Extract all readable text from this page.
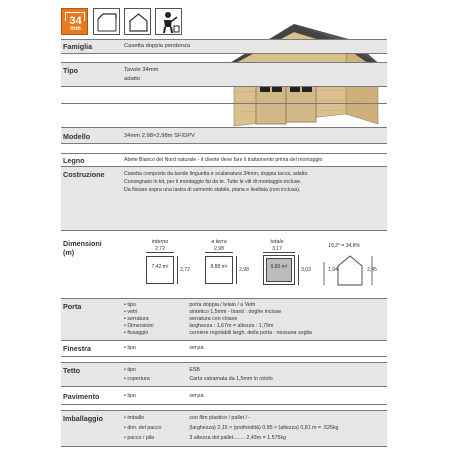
34
mm
Famiglia	Casetta doppia pendenza
Tipo	Tavole 34mm
adatto
Modello	34mm 2,98×2,98m SF/DPV
Legno	Abete Bianco del Nord naturale - il cliente deve fare il trattamento prima del montaggio
Costruzione	Casetta composto da tavole linguetta e scalanatura 34mm, doppia tacca, adatto.
Consegnato in kit, per il montaggio fai da te. Tutte le viti di montaggio incluse.
Da fissare sopra una lastra di cemento stabile, piana e livellata (non inclusa).
Dimensioni
(m)
interno
2,72
7,42 m²	2,72
a terra
2,98
8,88 m²	2,98
totale
3,17
9,80 m²	3,03
19,2° = 34,8%
1,94	2,45
Porta	• tipo	porta doppia / telaio / a Vetri
• vetri	sintetico 1,5mm - tiranti : doghe incluse
• serratura	serratura con chiave
• Dimensioni	larghezza : 1,67m = altezza : 1,79m
• fissaggio	cerniere regolabili largh. della porta : nessuna soglia
Finestra	• tipo	senza
Tetto	• tipo	ESB
• copertura	Carta catramata da 1,5mm in rotolo
Pavimento	• tipo	senza
Imballaggio	• imballo	con film plastico / pallet / -
• dim. del pacco	(larghezza) 2,15 × (profondità) 0,95 × (altezza) 0,81 m = .525kg
• pacco / pila	3 altezza del pallet........ 2,43m = 1.575kg
